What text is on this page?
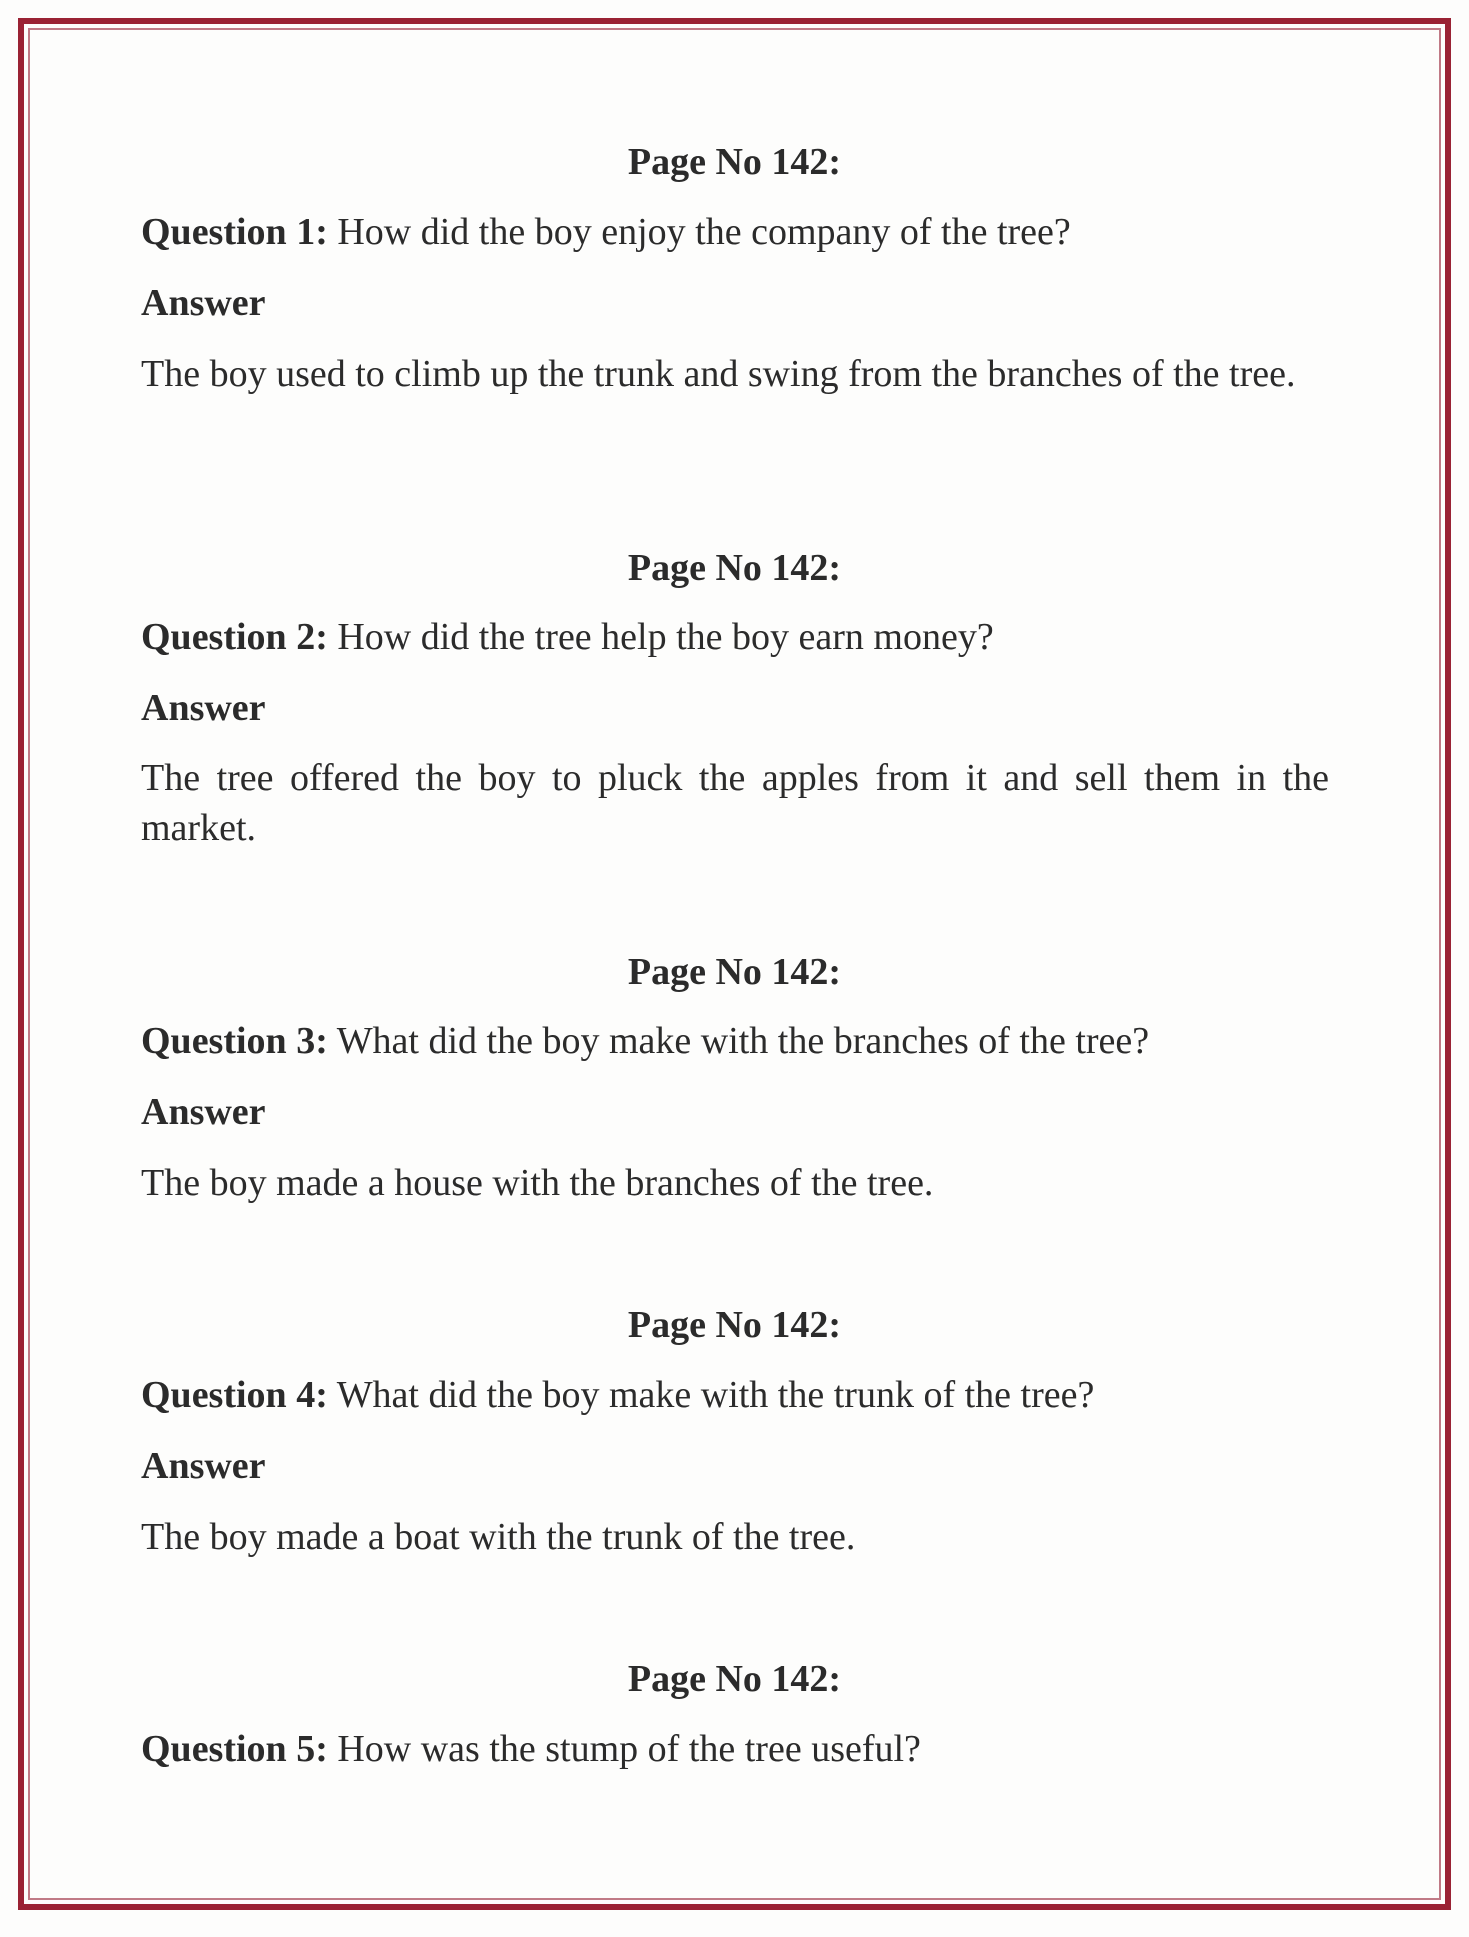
Page No 142:
Question 1: How did the boy enjoy the company of the tree?
Answer
The boy used to climb up the trunk and swing from the branches of the tree.
Page No 142:
Question 2: How did the tree help the boy earn money?
Answer
The tree offered the boy to pluck the apples from it and sell them in the market.
Page No 142:
Question 3: What did the boy make with the branches of the tree?
Answer
The boy made a house with the branches of the tree.
Page No 142:
Question 4: What did the boy make with the trunk of the tree?
Answer
The boy made a boat with the trunk of the tree.
Page No 142:
Question 5: How was the stump of the tree useful?
